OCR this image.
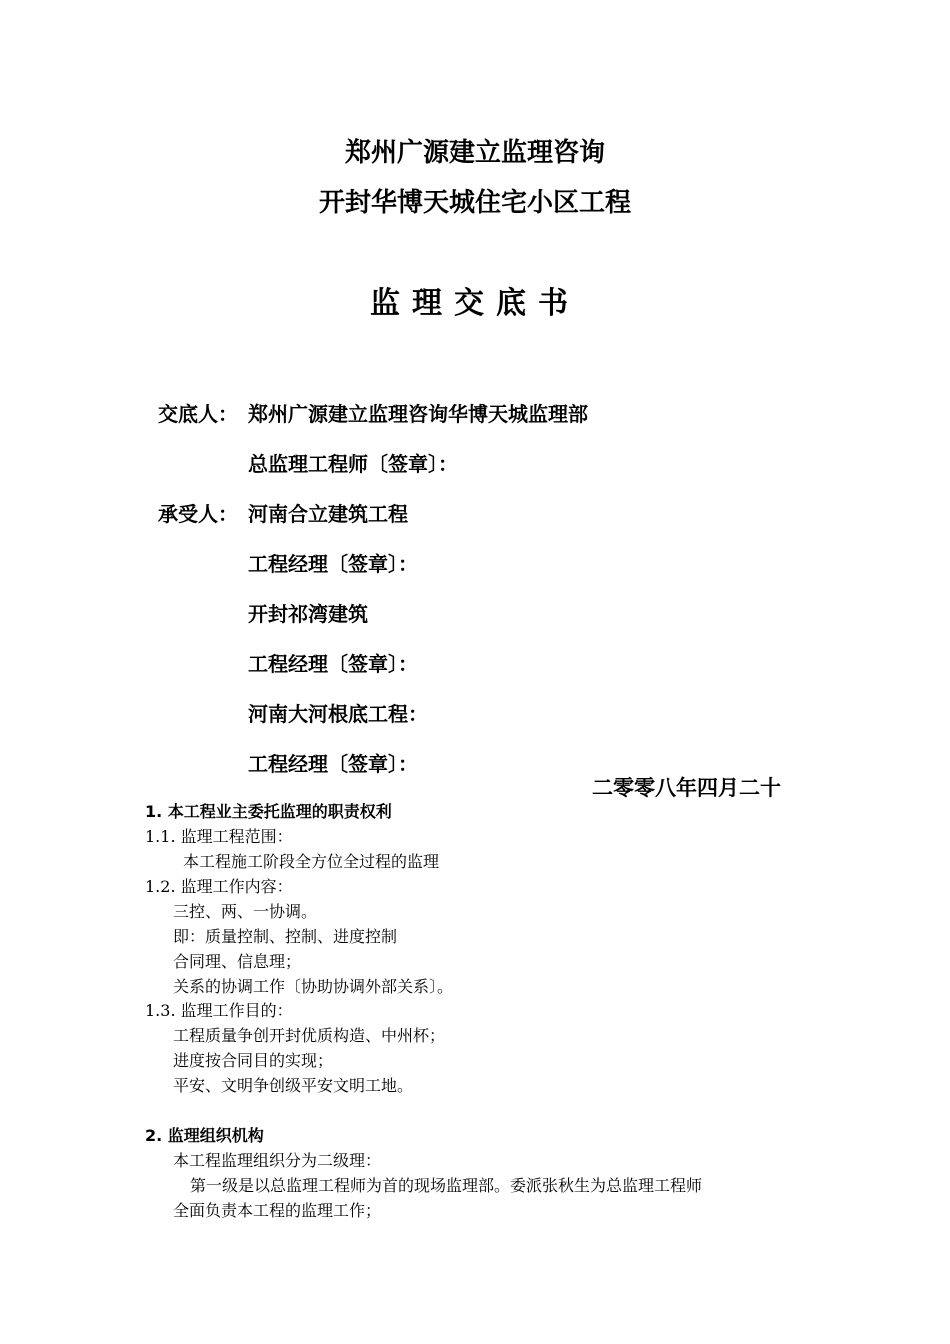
郑州广源建立监理咨询
开封华博天城住宅小区工程
监理交底书
交底人： 郑州广源建立监理咨询华博天城监理部
总监理工程师〔签章〕：
承受人： 河南合立建筑工程
工程经理〔签章〕：
开封祁湾建筑
工程经理〔签章〕：
河南大河根底工程：
工程经理〔签章〕：
二零零八年四月二十
1. 本工程业主委托监理的职责权利
1.1. 监理工程范围：
本工程施工阶段全方位全过程的监理
1.2. 监理工作内容：
三控、两、一协调。
即：质量控制、控制、进度控制
合同理、信息理；
关系的协调工作〔协助协调外部关系〕。
1.3. 监理工作目的：
工程质量争创开封优质构造、中州杯；
进度按合同目的实现；
平安、文明争创级平安文明工地。
2. 监理组织机构
本工程监理组织分为二级理：
第一级是以总监理工程师为首的现场监理部。委派张秋生为总监理工程师
全面负责本工程的监理工作；
